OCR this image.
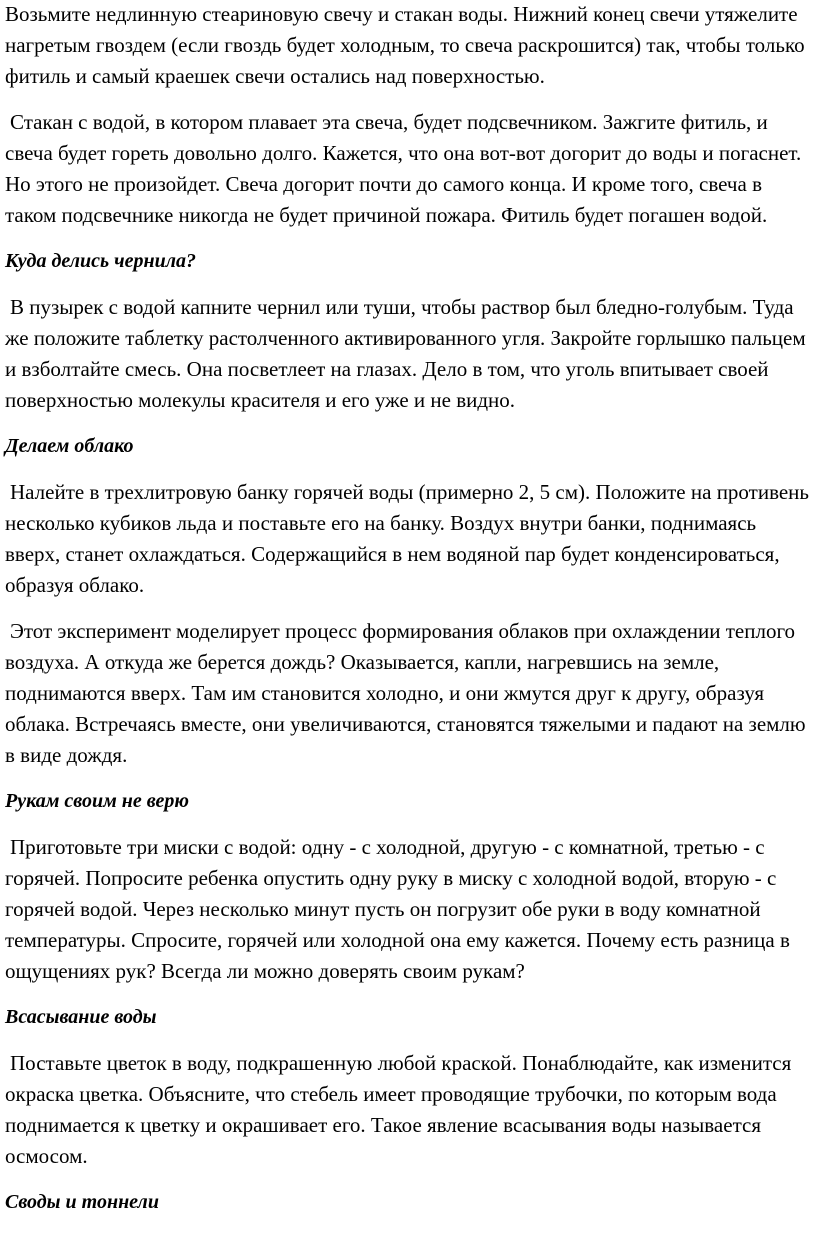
Возьмите недлинную стеариновую свечу и стакан воды. Нижний конец свечи утяжелите нагретым гвоздем (если гвоздь будет холодным, то свеча раскрошится) так, чтобы только фитиль и самый краешек свечи остались над поверхностью.

Стакан с водой, в котором плавает эта свеча, будет подсвечником. Зажгите фитиль, и свеча будет гореть довольно долго. Кажется, что она вот-вот догорит до воды и погаснет. Но этого не произойдет. Свеча догорит почти до самого конца. И кроме того, свеча в таком подсвечнике никогда не будет причиной пожара. Фитиль будет погашен водой.

Куда делись чернила?

В пузырек с водой капните чернил или туши, чтобы раствор был бледно-голубым. Туда же положите таблетку растолченного активированного угля. Закройте горлышко пальцем и взболтайте смесь. Она посветлеет на глазах. Дело в том, что уголь впитывает своей поверхностью молекулы красителя и его уже и не видно.

Делаем облако

Налейте в трехлитровую банку горячей воды (примерно 2, 5 см). Положите на противень несколько кубиков льда и поставьте его на банку. Воздух внутри банки, поднимаясь вверх, станет охлаждаться. Содержащийся в нем водяной пар будет конденсироваться, образуя облако.

Этот эксперимент моделирует процесс формирования облаков при охлаждении теплого воздуха. А откуда же берется дождь? Оказывается, капли, нагревшись на земле, поднимаются вверх. Там им становится холодно, и они жмутся друг к другу, образуя облака. Встречаясь вместе, они увеличиваются, становятся тяжелыми и падают на землю в виде дождя.

Рукам своим не верю

Приготовьте три миски с водой: одну - с холодной, другую - с комнатной, третью - с горячей. Попросите ребенка опустить одну руку в миску с холодной водой, вторую - с горячей водой. Через несколько минут пусть он погрузит обе руки в воду комнатной температуры. Спросите, горячей или холодной она ему кажется. Почему есть разница в ощущениях рук? Всегда ли можно доверять своим рукам?

Всасывание воды

Поставьте цветок в воду, подкрашенную любой краской. Понаблюдайте, как изменится окраска цветка. Объясните, что стебель имеет проводящие трубочки, по которым вода поднимается к цветку и окрашивает его. Такое явление всасывания воды называется осмосом.

Своды и тоннели
